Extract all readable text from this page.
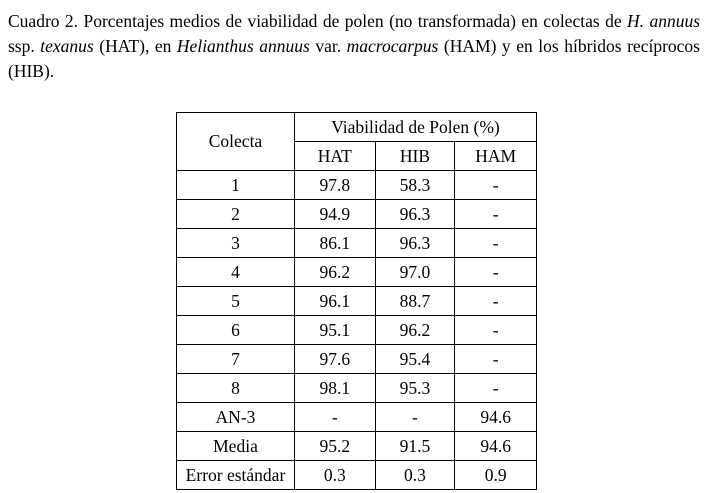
Cuadro 2. Porcentajes medios de viabilidad de polen (no transformada) en colectas de H. annuus ssp. texanus (HAT), en Helianthus annuus var. macrocarpus (HAM) y en los híbridos recíprocos (HIB).

Colecta	Viabilidad de Polen (%)		
	HAT	HIB	HAM
1	97.8	58.3	-
2	94.9	96.3	-
3	86.1	96.3	-
4	96.2	97.0	-
5	96.1	88.7	-
6	95.1	96.2	-
7	97.6	95.4	-
8	98.1	95.3	-
AN-3	-	-	94.6
Media	95.2	91.5	94.6
Error estándar	0.3	0.3	0.9
